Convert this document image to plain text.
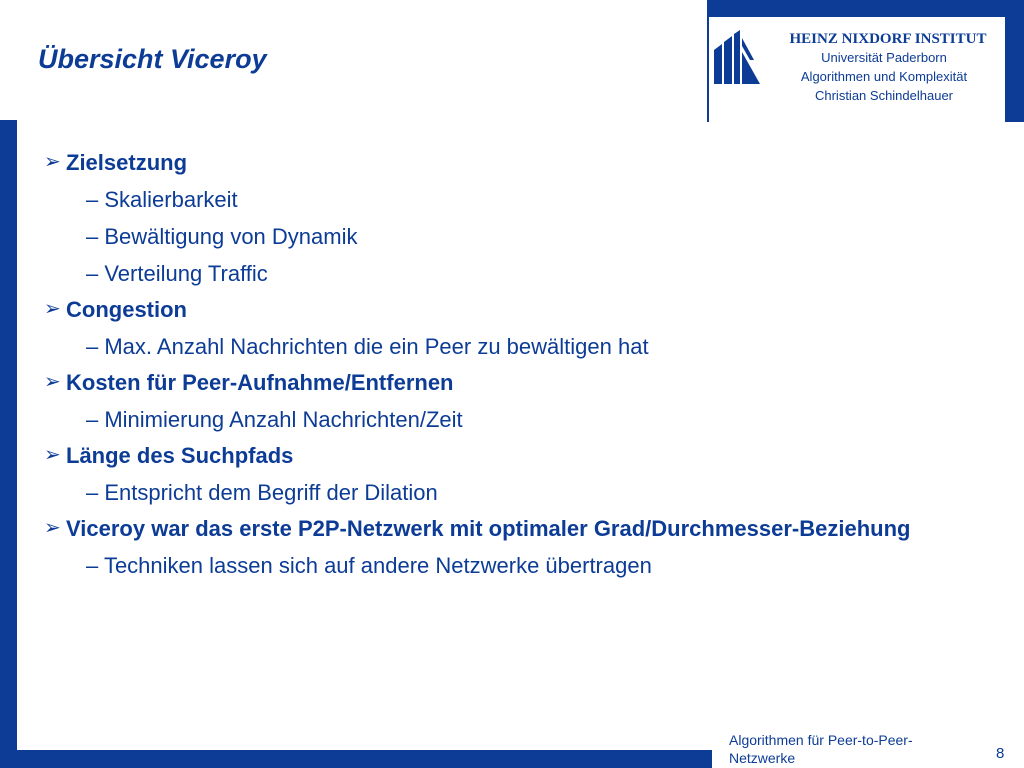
Übersicht Viceroy
HEINZ NIXDORF INSTITUT
Universität Paderborn
Algorithmen und Komplexität
Christian Schindelhauer
➢ Zielsetzung
– Skalierbarkeit
– Bewältigung von Dynamik
– Verteilung Traffic
➢ Congestion
– Max. Anzahl Nachrichten die ein Peer zu bewältigen hat
➢ Kosten für Peer-Aufnahme/Entfernen
– Minimierung Anzahl Nachrichten/Zeit
➢ Länge des Suchpfads
– Entspricht dem Begriff der Dilation
➢ Viceroy war das erste P2P-Netzwerk mit optimaler Grad/Durchmesser-Beziehung
– Techniken lassen sich auf andere Netzwerke übertragen
Algorithmen für Peer-to-Peer-Netzwerke	8
